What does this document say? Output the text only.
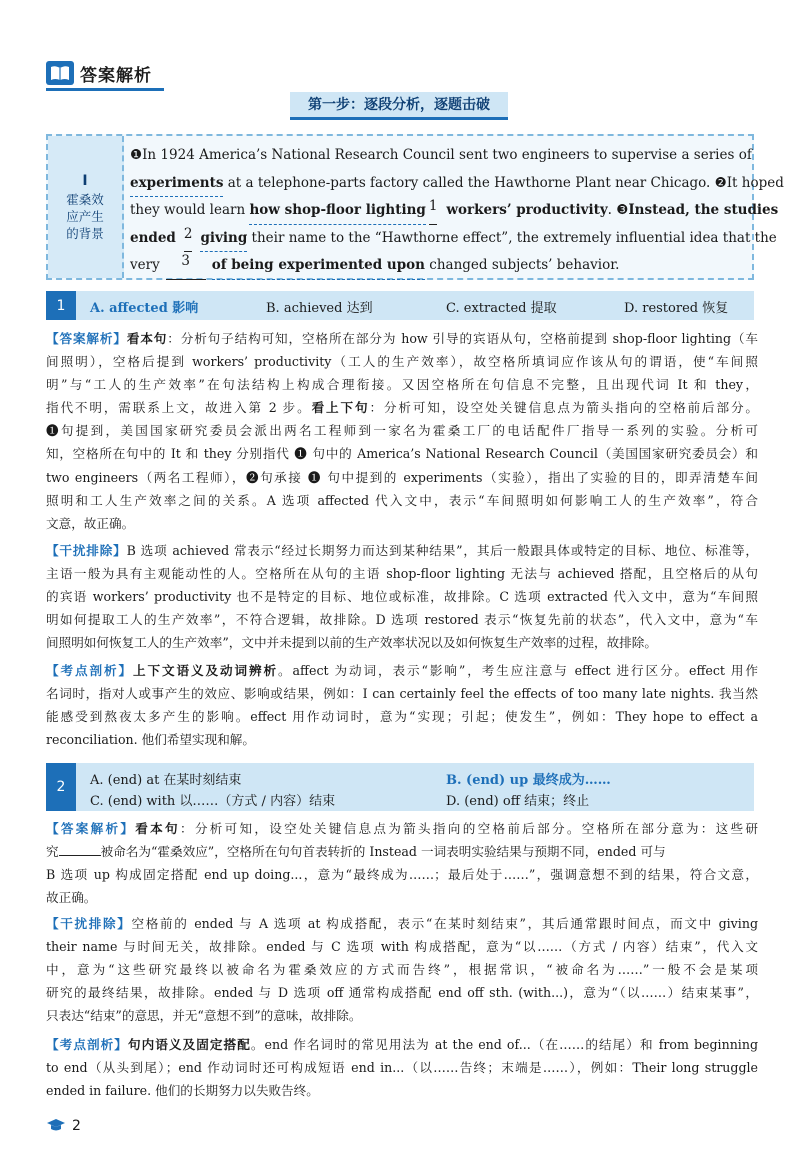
答案解析
第一步：逐段分析，逐题击破
I
霍桑效应产生的背景
❶In 1924 America’s National Research Council sent two engineers to supervise a series of
experiments at a telephone-parts factory called the Hawthorne Plant near Chicago. ❷It hoped
they would learn how shop-floor lighting 1 workers’ productivity . ❸ Instead, the studies
ended 2 giving their name to the “Hawthorne effect”, the extremely influential idea that the
very	3	of being experimented upon changed subjects’ behavior.
1	A. affected 影响	B. achieved 达到	C. extracted 提取	D. restored 恢复
【答案解析】看本句：分析句子结构可知，空格所在部分为 how 引导的宾语从句，空格前提到 shop-floor lighting（车
间照明），空格后提到 workers’ productivity（工人的生产效率），故空格所填词应作该从句的谓语，使“车间照
明”与“工人的生产效率”在句法结构上构成合理衔接。又因空格所在句信息不完整，且出现代词 It 和 they，
指代不明，需联系上文，故进入第 2 步。看上下句：分析可知，设空处关键信息点为箭头指向的空格前后部分。
❶句提到，美国国家研究委员会派出两名工程师到一家名为霍桑工厂的电话配件厂指导一系列的实验。分析可
知，空格所在句中的 It 和 they 分别指代 ❶ 句中的 America’s National Research Council（美国国家研究委员会）和
two engineers（两名工程师），❷句承接 ❶ 句中提到的 experiments（实验），指出了实验的目的，即弄清楚车间
照明和工人生产效率之间的关系。A 选项 affected 代入文中，表示“车间照明如何影响工人的生产效率”，符合
文意，故正确。
【干扰排除】B 选项 achieved 常表示“经过长期努力而达到某种结果”，其后一般跟具体或特定的目标、地位、标准等，
主语一般为具有主观能动性的人。空格所在从句的主语 shop-floor lighting 无法与 achieved 搭配，且空格后的从句
的宾语 workers’ productivity 也不是特定的目标、地位或标准，故排除。C 选项 extracted 代入文中，意为“车间照
明如何提取工人的生产效率”，不符合逻辑，故排除。D 选项 restored 表示“恢复先前的状态”，代入文中，意为“车
间照明如何恢复工人的生产效率”，文中并未提到以前的生产效率状况以及如何恢复生产效率的过程，故排除。
【考点剖析】上下文语义及动词辨析。affect 为动词，表示“影响”，考生应注意与 effect 进行区分。effect 用作
名词时，指对人或事产生的效应、影响或结果，例如：I can certainly feel the effects of too many late nights. 我当然
能感受到熬夜太多产生的影响。effect 用作动词时，意为“实现；引起；使发生”，例如：They hope to effect a
reconciliation. 他们希望实现和解。
2	A. (end) at 在某时刻结束	B. (end) up 最终成为……
C. (end) with 以……（方式 / 内容）结束	D. (end) off 结束；终止
【答案解析】看本句：分析可知，设空处关键信息点为箭头指向的空格前后部分。空格所在部分意为：这些研
究	被命名为“霍桑效应”，空格所在句句首表转折的 Instead 一词表明实验结果与预期不同，ended 可与
B 选项 up 构成固定搭配 end up doing...，意为“最终成为……；最后处于……”，强调意想不到的结果，符合文意，
故正确。
【干扰排除】空格前的 ended 与 A 选项 at 构成搭配，表示“在某时刻结束”，其后通常跟时间点，而文中 giving
their name 与时间无关，故排除。ended 与 C 选项 with 构成搭配，意为“以……（方式 / 内容）结束”，代入文
中，意为“这些研究最终以被命名为霍桑效应的方式而告终”，根据常识，“被命名为……”一般不会是某项
研究的最终结果，故排除。ended 与 D 选项 off 通常构成搭配 end off sth. (with...)，意为“（以……）结束某事”，
只表达“结束”的意思，并无“意想不到”的意味，故排除。
【考点剖析】句内语义及固定搭配。end 作名词时的常见用法为 at the end of...（在……的结尾）和 from beginning
to end（从头到尾）；end 作动词时还可构成短语 end in...（以……告终；末端是……），例如：Their long struggle
ended in failure. 他们的长期努力以失败告终。
2
